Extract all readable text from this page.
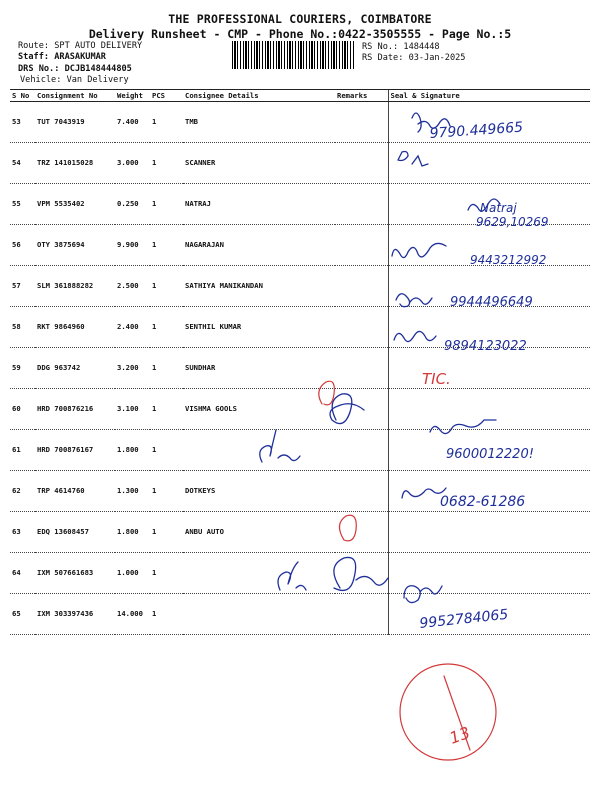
THE PROFESSIONAL COURIERS, COIMBATORE
Delivery Runsheet - CMP - Phone No.:0422-3505555 - Page No.:5
Route: SPT AUTO DELIVERY
Staff: ARASAKUMAR
DRS No.: DCJB148444805
Vehicle: Van Delivery
RS No.: 1484448
RS Date: 03-Jan-2025
S No	Consignment No	Weight	PCS	Consignee Details	Remarks	Seal & Signature

53	TUT 7043919	7.400	1	TMB		

54	TRZ 141015028	3.000	1	SCANNER		

55	VPM 5535402	0.250	1	NATRAJ		

56	OTY 3875694	9.900	1	NAGARAJAN		

57	SLM 361888282	2.500	1	SATHIYA MANIKANDAN		

58	RKT 9864960	2.400	1	SENTHIL KUMAR		

59	DDG 963742	3.200	1	SUNDHAR		

60	HRD 700876216	3.100	1	VISHMA GOOLS		

61	HRD 700876167	1.800	1			

62	TRP 4614760	1.300	1	DOTKEYS		

63	EDQ 13608457	1.800	1	ANBU AUTO		

64	IXM 507661683	1.000	1			

65	IXM 303397436	14.000	1			

9790.449665
Natraj
9629,10269
9443212992
9944496649
9894123022
TIC.
9600012220!
0682-61286
9952784065
13
